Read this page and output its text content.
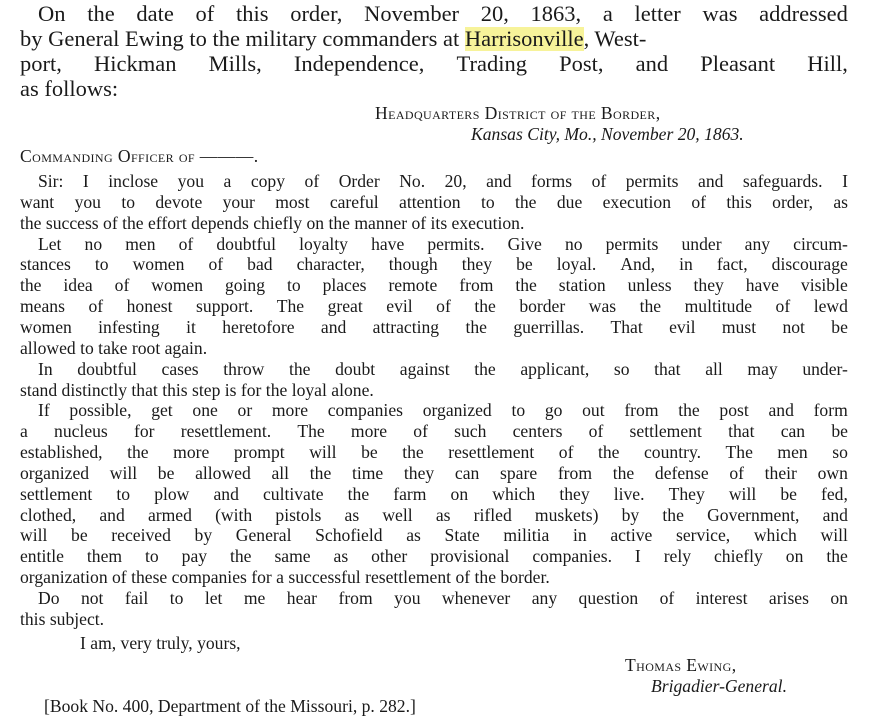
On the date of this order, November 20, 1863, a letter was addressed
by General Ewing to the military commanders at
Harrisonville , West-
port, Hickman Mills, Independence, Trading Post, and Pleasant Hill,
as follows:
Headquarters District of the Border,
Kansas City, Mo., November 20, 1863.
Commanding Officer of ———.
Sir: I inclose you a copy of Order No. 20, and forms of permits and safeguards. I
want you to devote your most careful attention to the due execution of this order, as
the success of the effort depends chiefly on the manner of its execution.
Let no men of doubtful loyalty have permits. Give no permits under any circum-
stances to women of bad character, though they be loyal. And, in fact, discourage
the idea of women going to places remote from the station unless they have visible
means of honest support. The great evil of the border was the multitude of lewd
women infesting it heretofore and attracting the guerrillas. That evil must not be
allowed to take root again.
In doubtful cases throw the doubt against the applicant, so that all may under-
stand distinctly that this step is for the loyal alone.
If possible, get one or more companies organized to go out from the post and form
a nucleus for resettlement. The more of such centers of settlement that can be
established, the more prompt will be the resettlement of the country. The men so
organized will be allowed all the time they can spare from the defense of their own
settlement to plow and cultivate the farm on which they live. They will be fed,
clothed, and armed (with pistols as well as rifled muskets) by the Government, and
will be received by General Schofield as State militia in active service, which will
entitle them to pay the same as other provisional companies. I rely chiefly on the
organization of these companies for a successful resettlement of the border.
Do not fail to let me hear from you whenever any question of interest arises on
this subject.
I am, very truly, yours,
Thomas Ewing,
Brigadier-General.
[Book No. 400, Department of the Missouri, p. 282.]
